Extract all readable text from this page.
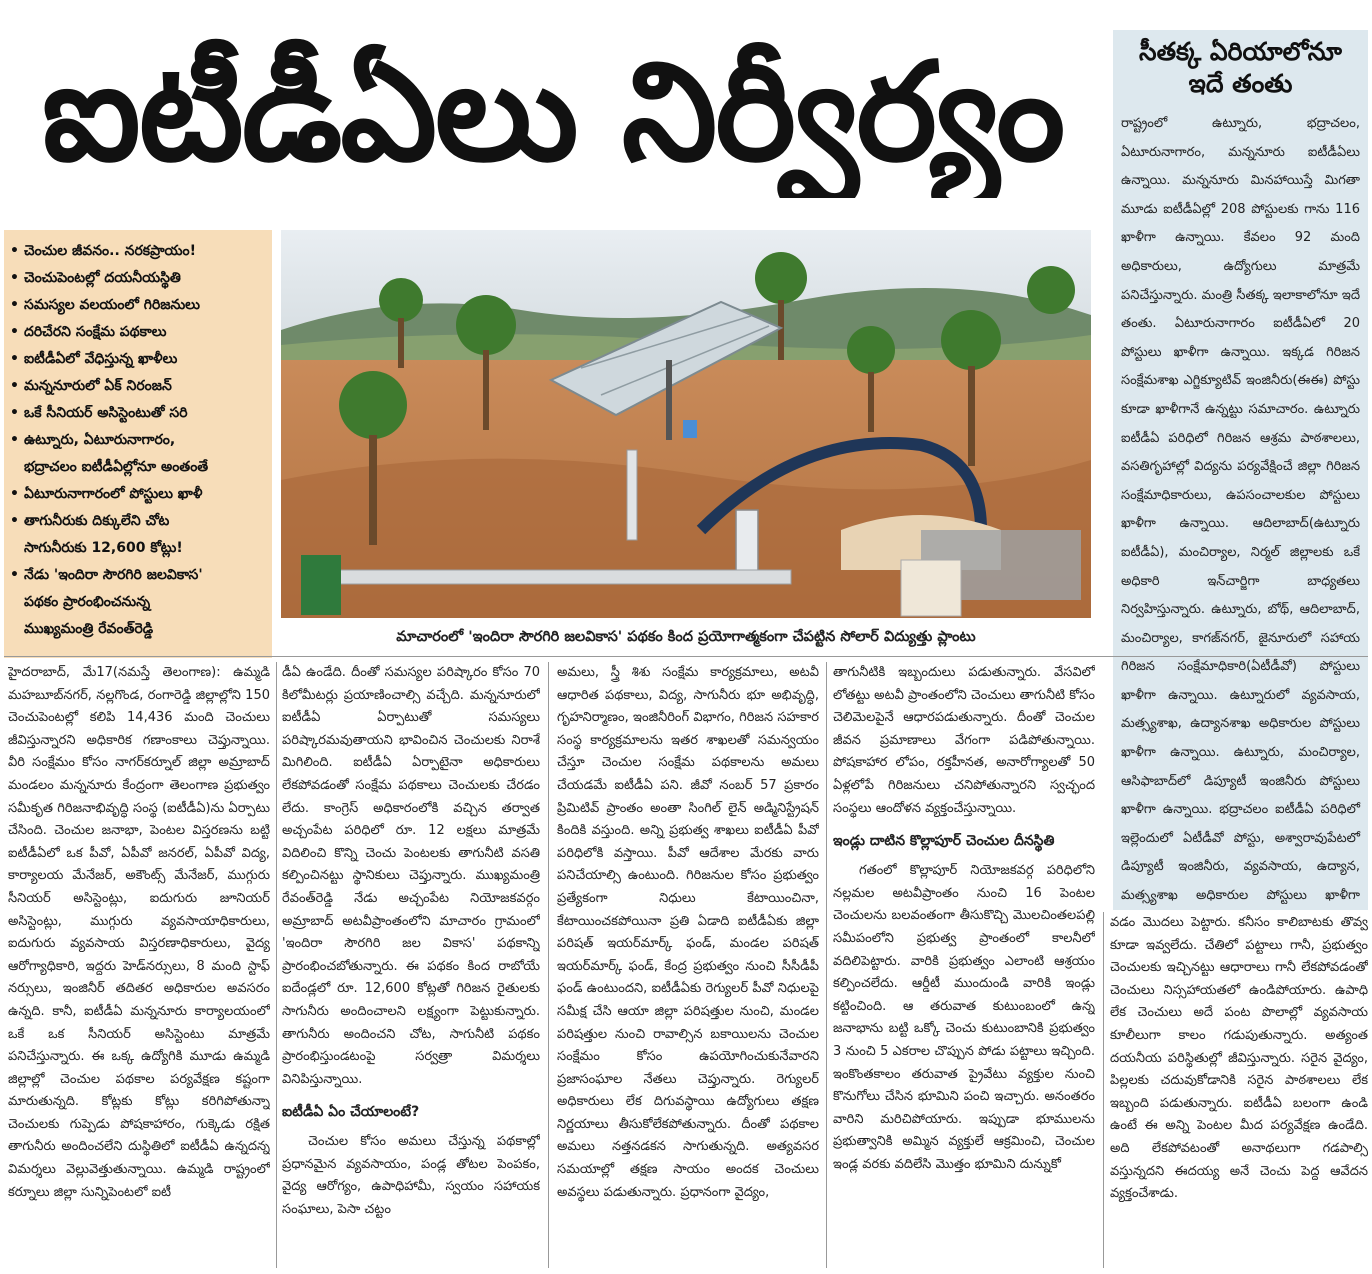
ఐటీడీఏలు నిర్వీర్యం	సీతక్క ఏరియాలోనూ
ఇదే తంతు

రాష్ట్రంలో ఉట్నూరు, భద్రాచలం, ఏటూరునాగారం, మన్ననూరు ఐటీడీఏలు ఉన్నాయి. మన్ననూరు మినహాయిస్తే మిగతా మూడు ఐటీడీఏల్లో 208 పోస్టులకు గాను 116 ఖాళీగా ఉన్నాయి. కేవలం 92 మంది అధికారులు, ఉద్యోగులు మాత్రమే పనిచేస్తున్నారు. మంత్రి సీతక్క ఇలాకాలోనూ ఇదే తంతు. ఏటూరునాగారం ఐటీడీఏలో 20 పోస్టులు ఖాళీగా ఉన్నాయి. ఇక్కడ గిరిజన సంక్షేమశాఖ ఎగ్జిక్యూటివ్ ఇంజినీరు(ఈఈ) పోస్టు కూడా ఖాళీగానే ఉన్నట్టు సమాచారం. ఉట్నూరు ఐటీడీఏ పరిధిలో గిరిజన ఆశ్రమ పాఠశాలలు, వసతిగృహాల్లో విద్యను పర్యవేక్షించే జిల్లా గిరిజన సంక్షేమాధికారులు, ఉపసంచాలకుల పోస్టులు ఖాళీగా ఉన్నాయి. ఆదిలాబాద్(ఉట్నూరు ఐటీడీఏ), మంచిర్యాల, నిర్మల్ జిల్లాలకు ఒకే అధికారి ఇన్‌చార్జిగా బాధ్యతలు నిర్వహిస్తున్నారు. ఉట్నూరు, బోథ్, ఆదిలాబాద్, మంచిర్యాల, కాగజ్‌నగర్, జైనూరులో సహాయ గిరిజన సంక్షేమాధికారి(ఏటీడీవో) పోస్టులు ఖాళీగా ఉన్నాయి. ఉట్నూరులో వ్యవసాయ, మత్స్యశాఖ, ఉద్యానశాఖ అధికారుల పోస్టులు ఖాళీగా ఉన్నాయి. ఉట్నూరు, మంచిర్యాల, ఆసిఫాబాద్‌లో డిప్యూటీ ఇంజినీరు పోస్టులు ఖాళీగా ఉన్నాయి. భద్రాచలం ఐటీడీఏ పరిధిలో ఇల్లెందులో ఏటీడీవో పోస్టు, అశ్వారావుపేటలో డిప్యూటీ ఇంజినీరు, వ్యవసాయ, ఉద్యాన, మత్స్యశాఖ అధికారుల పోస్టులు ఖాళీగా

• చెంచుల జీవనం.. నరకప్రాయం!
• చెంచుపెంటల్లో దయనీయస్థితి
• సమస్యల వలయంలో గిరిజనులు
• దరిచేరని సంక్షేమ పథకాలు
• ఐటీడీఏలో వేధిస్తున్న ఖాళీలు
• మన్ననూరులో ఏక్ నిరంజన్
• ఒకే సీనియర్ అసిస్టెంటుతో సరి
• ఉట్నూరు, ఏటూరునాగారం,
భద్రాచలం ఐటీడీఏల్లోనూ అంతంతే
• ఏటూరునాగారంలో పోస్టులు ఖాళీ
• తాగునీరుకు దిక్కులేని చోట
సాగునీరుకు 12,600 కోట్లు!
• నేడు 'ఇందిరా సౌరగిరి జలవికాస'
పథకం ప్రారంభించనున్న
ముఖ్యమంత్రి రేవంత్‌రెడ్డి	మాచారంలో 'ఇందిరా సౌరగిరి జలవికాస' పథకం కింద ప్రయోగాత్మకంగా చేపట్టిన సోలార్ విద్యుత్తు ప్లాంటు

హైదరాబాద్, మే17(నమస్తే తెలంగాణ): ఉమ్మడి మహబూబ్‌నగర్, నల్లగొండ, రంగారెడ్డి జిల్లాల్లోని 150 చెంచుపెంటల్లో కలిపి 14,436 మంది చెంచులు జీవిస్తున్నారని అధికారిక గణాంకాలు చెప్తున్నాయి. వీరి సంక్షేమం కోసం నాగర్‌కర్నూల్ జిల్లా అమ్రాబాద్ మండలం మన్ననూరు కేంద్రంగా తెలంగాణ ప్రభుత్వం సమీకృత గిరిజనాభివృద్ధి సంస్థ (ఐటీడీఏ)ను ఏర్పాటు చేసింది. చెంచుల జనాభా, పెంటల విస్తరణను బట్టి ఐటీడీఏలో ఒక పీవో, ఏపీవో జనరల్, ఏపీవో విద్య, కార్యాలయ మేనేజర్, అకౌంట్స్ మేనేజర్, ముగ్గురు సీనియర్ అసిస్టెంట్లు, ఐదుగురు జూనియర్ అసిస్టెంట్లు, ముగ్గురు వ్యవసాయాధికారులు, ఐదుగురు వ్యవసాయ విస్తరణాధికారులు, వైద్య ఆరోగ్యాధికారి, ఇద్దరు హెడ్‌నర్సులు, 8 మంది స్టాఫ్ నర్సులు, ఇంజినీర్ తదితర అధికారుల అవసరం ఉన్నది. కానీ, ఐటీడీఏ మన్ననూరు కార్యాలయంలో ఒకే ఒక సీనియర్ అసిస్టెంటు మాత్రమే పనిచేస్తున్నారు. ఈ ఒక్క ఉద్యోగికి మూడు ఉమ్మడి జిల్లాల్లో చెంచుల పథకాల పర్యవేక్షణ కష్టంగా మారుతున్నది. కోట్లకు కోట్లు కరిగిపోతున్నా చెంచులకు గుప్పెడు పోషకాహారం, గుక్కెడు రక్షిత తాగునీరు అందించలేని దుస్థితిలో ఐటీడీఏ ఉన్నదన్న విమర్శలు వెల్లువెత్తుతున్నాయి. ఉమ్మడి రాష్ట్రంలో కర్నూలు జిల్లా సున్నిపెంటలో ఐటీ

డీఏ ఉండేది. దీంతో సమస్యల పరిష్కారం కోసం 70 కిలోమీటర్లు ప్రయాణించాల్సి వచ్చేది. మన్ననూరులో ఐటీడీఏ ఏర్పాటుతో సమస్యలు పరిష్కారమవుతాయని భావించిన చెంచులకు నిరాశే మిగిలింది. ఐటీడీఏ ఏర్పాటైనా అధికారులు లేకపోవడంతో సంక్షేమ పథకాలు చెంచులకు చేరడం లేదు. కాంగ్రెస్ అధికారంలోకి వచ్చిన తర్వాత అచ్చంపేట పరిధిలో రూ. 12 లక్షలు మాత్రమే విదిలించి కొన్ని చెంచు పెంటలకు తాగునీటి వసతి కల్పించినట్టు స్థానికులు చెప్తున్నారు. ముఖ్యమంత్రి రేవంత్‌రెడ్డి నేడు అచ్చంపేట నియోజకవర్గం అమ్రాబాద్ అటవీప్రాంతంలోని మాచారం గ్రామంలో 'ఇందిరా సౌరగిరి జల వికాస' పథకాన్ని ప్రారంభించబోతున్నారు. ఈ పథకం కింద రాబోయే ఐదేండ్లలో రూ. 12,600 కోట్లతో గిరిజన రైతులకు సాగునీరు అందించాలని లక్ష్యంగా పెట్టుకున్నారు. తాగునీరు అందించని చోట, సాగునీటి పథకం ప్రారంభిస్తుండటంపై సర్వత్రా విమర్శలు వినిపిస్తున్నాయి.

ఐటీడీఏ ఏం చేయాలంటే?

చెంచుల కోసం అమలు చేస్తున్న పథకాల్లో ప్రధానమైన వ్యవసాయం, పండ్ల తోటల పెంపకం, వైద్య ఆరోగ్యం, ఉపాధిహామీ, స్వయం సహాయక సంఘాలు, పెసా చట్టం

అమలు, స్త్రీ శిశు సంక్షేమ కార్యక్రమాలు, అటవీ ఆధారిత పథకాలు, విద్య, సాగునీరు భూ అభివృద్ధి, గృహనిర్మాణం, ఇంజినీరింగ్ విభాగం, గిరిజన సహకార సంస్థ కార్యక్రమాలను ఇతర శాఖలతో సమన్వయం చేస్తూ చెంచుల సంక్షేమ పథకాలను అమలు చేయడమే ఐటీడీఏ పని. జీవో నంబర్ 57 ప్రకారం ప్రిమిటివ్ ప్రాంతం అంతా సింగిల్ లైన్ అడ్మినిస్ట్రేషన్ కిందికి వస్తుంది. అన్ని ప్రభుత్వ శాఖలు ఐటీడీఏ పీవో పరిధిలోకి వస్తాయి. పీవో ఆదేశాల మేరకు వారు పనిచేయాల్సి ఉంటుంది. గిరిజనుల కోసం ప్రభుత్వం ప్రత్యేకంగా నిధులు కేటాయించినా, కేటాయించకపోయినా ప్రతి ఏడాది ఐటీడీఏకు జిల్లా పరిషత్ ఇయర్‌మార్క్ ఫండ్, మండల పరిషత్ ఇయర్‌మార్క్ ఫండ్, కేంద్ర ప్రభుత్వం నుంచి సీసీడీపీ ఫండ్ ఉంటుందని, ఐటీడీఏకు రెగ్యులర్ పీవో నిధులపై సమీక్ష చేసి ఆయా జిల్లా పరిషత్తుల నుంచి, మండల పరిషత్తుల నుంచి రావాల్సిన బకాయిలను చెంచుల సంక్షేమం కోసం ఉపయోగించుకునేవారని ప్రజాసంఘాల నేతలు చెప్తున్నారు. రెగ్యులర్ అధికారులు లేక దిగువస్థాయి ఉద్యోగులు తక్షణ నిర్ణయాలు తీసుకోలేకపోతున్నారు. దీంతో పథకాల అమలు నత్తనడకన సాగుతున్నది. అత్యవసర సమయాల్లో తక్షణ సాయం అందక చెంచులు అవస్థలు పడుతున్నారు. ప్రధానంగా వైద్యం,

తాగునీటికి ఇబ్బందులు పడుతున్నారు. వేసవిలో లోతట్టు అటవీ ప్రాంతంలోని చెంచులు తాగునీటి కోసం చెలిమెలపైనే ఆధారపడుతున్నారు. దీంతో చెంచుల జీవన ప్రమాణాలు వేగంగా పడిపోతున్నాయి. పోషకాహార లోపం, రక్తహీనత, అనారోగ్యాలతో 50 ఏళ్లలోపే గిరిజనులు చనిపోతున్నారని స్వచ్ఛంద సంస్థలు ఆందోళన వ్యక్తంచేస్తున్నాయి.

ఇండ్లు దాటిన కొల్లాపూర్ చెంచుల దీనస్థితి

గతంలో కొల్లాపూర్ నియోజకవర్గ పరిధిలోని నల్లమల అటవీప్రాంతం నుంచి 16 పెంటల చెంచులను బలవంతంగా తీసుకొచ్చి మొలచింతలపల్లి సమీపంలోని ప్రభుత్వ ప్రాంతంలో కాలనీలో వదిలిపెట్టారు. వారికి ప్రభుత్వం ఎలాంటి ఆశ్రయం కల్పించలేదు. ఆర్డీటీ ముందుండి వారికి ఇండ్లు కట్టించింది. ఆ తరువాత కుటుంబంలో ఉన్న జనాభాను బట్టి ఒక్కో చెంచు కుటుంబానికి ప్రభుత్వం 3 నుంచి 5 ఎకరాల చొప్పున పోడు పట్టాలు ఇచ్చింది. ఇంకొంతకాలం తరువాత ప్రైవేటు వ్యక్తుల నుంచి కొనుగోలు చేసిన భూమిని పంచి ఇచ్చారు. అనంతరం వారిని మరిచిపోయారు. ఇప్పుడా భూములను ప్రభుత్వానికి అమ్మిన వ్యక్తులే ఆక్రమించి, చెంచుల ఇండ్ల వరకు వదిలేసి మొత్తం భూమిని దున్నుకో

వడం మొదలు పెట్టారు. కనీసం కాలిబాటకు తొవ్వ కూడా ఇవ్వలేదు. చేతిలో పట్టాలు గానీ, ప్రభుత్వం చెంచులకు ఇచ్చినట్టు ఆధారాలు గానీ లేకపోవడంతో చెంచులు నిస్సహాయతలో ఉండిపోయారు. ఉపాధి లేక చెంచులు అదే పంట పొలాల్లో వ్యవసాయ కూలీలుగా కాలం గడుపుతున్నారు. అత్యంత దయనీయ పరిస్థితుల్లో జీవిస్తున్నారు. సరైన వైద్యం, పిల్లలకు చదువుకోడానికి సరైన పాఠశాలలు లేక ఇబ్బంది పడుతున్నారు. ఐటీడీఏ బలంగా ఉండి ఉంటే ఈ అన్ని పెంటల మీద పర్యవేక్షణ ఉండేది. అది లేకపోవటంతో అనాథలుగా గడపాల్సి వస్తున్నదని ఈదయ్య అనే చెంచు పెద్ద ఆవేదన వ్యక్తంచేశాడు.
